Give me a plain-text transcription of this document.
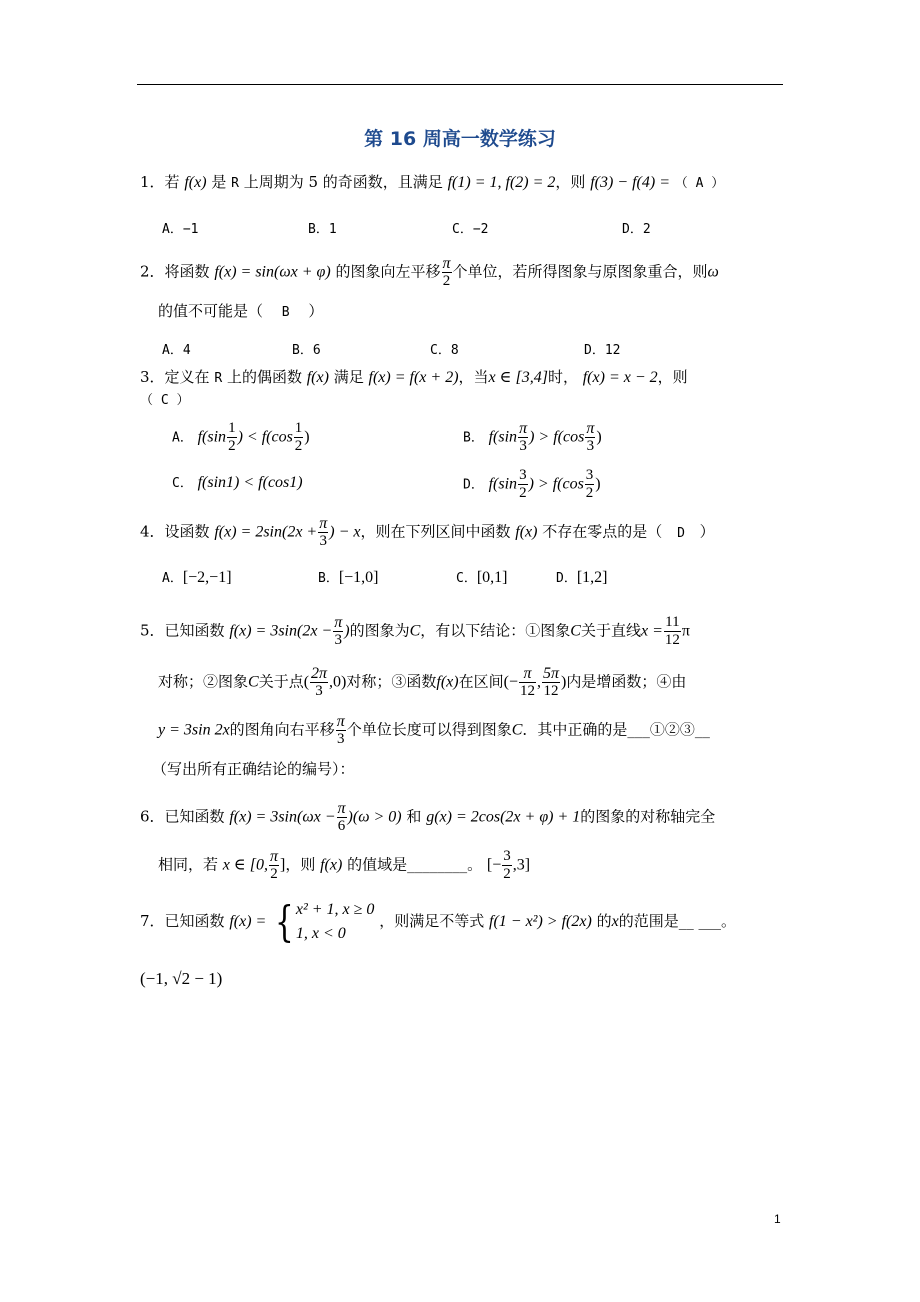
第 16 周高一数学练习
1．若 f(x) 是 R 上周期为 5 的奇函数，且满足 f(1) = 1, f(2) = 2，则 f(3) − f(4) = （ A ）
A．−1	B．1	C．−2	D．2
2．将函数 f(x) = sin(ωx + φ) 的图象向左平移 $\frac{\pi}{2}$ 个单位，若所得图象与原图象重合，则ω
的值不可能是（ B ）
A．4	B．6	C．8	D．12
3．定义在 R 上的偶函数 f(x) 满足 f(x) = f(x + 2)，当x ∈ [3,4]时， f(x) = x − 2，则
（ C ）
A． $f(\sin \frac{1}{2}$ ) < $f(\cos \frac{1}{2}$ )	B． $f(\sin \frac{\pi}{3}$ ) > $f(\cos \frac{\pi}{3}$ )
C． f(sin1) < f(cos1)	D． $f(\sin \frac{3}{2}$ ) > $f(\cos \frac{3}{2}$ )
4．设函数 $f(x) = 2\sin(2x + \frac{\pi}{3}$ ) − x，则在下列区间中函数 f(x) 不存在零点的是（ D ）
A．[−2,−1]	B．[−1,0]	C．[0,1]	D．[1,2]
5．已知函数 $f(x) = 3\sin(2x - \frac{\pi}{3}$ )的图象为C，有以下结论：①图象C关于直线$x = \frac{11}{12}$ π
对称；②图象C关于点( $\frac{2\pi}{3} ,0$)对称；③函数f(x)在区间(− $\frac{\pi}{12}$ , $\frac{5\pi}{12}$ )内是增函数；④由
y = 3sin 2x的图角向右平移 $\frac{\pi}{3}$ 个单位长度可以得到图象C．其中正确的是___①②③__
（写出所有正确结论的编号）：
6．已知函数 $f(x) = 3\sin(\omega x - \frac{\pi}{6} )(\omega > 0)$ 和 g(x) = 2cos(2x + φ) + 1的图象的对称轴完全
相同，若 x ∈ [0, $\frac{\pi}{2}$ ]，则 f(x) 的值域是________。 [− $\frac{3}{2} ,3$]
7．已知函数 f(x) = { x² + 1, x ≥ 0
1, x < 0
，则满足不等式 f(1 − x²) > f(2x) 的x的范围是__ ___。
(−1, √2 − 1)
1
